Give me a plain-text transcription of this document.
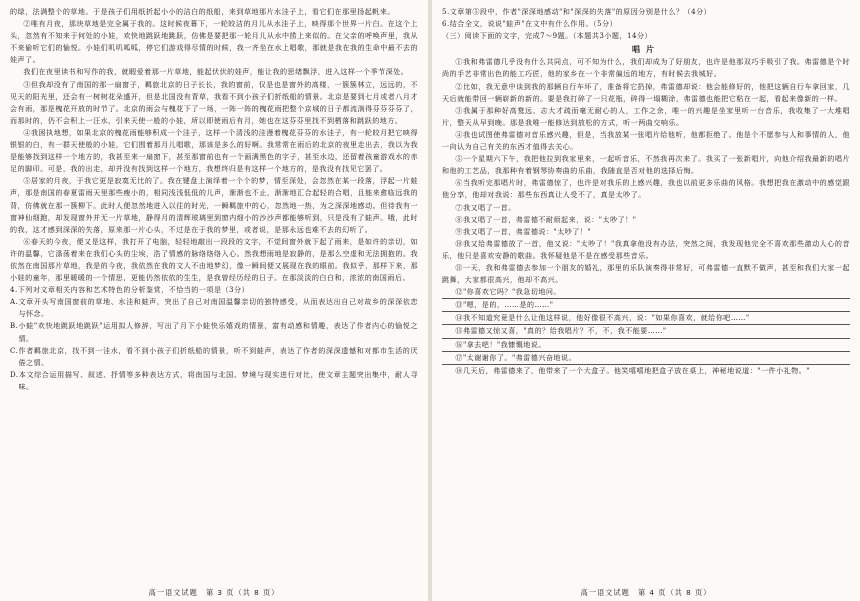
的绿，法满整个的草地。于是孩子们用纸折起小小的洁白的纸船，来到草地那片水洼子上，看它们在那里扬起帆来。

②唯有月夜，那块草地是完全属于我的。这时候夜幕下，一轮皎洁的月儿从水洼子上，映得那个世界一片白。在这个上头，忽然有不知来于何处的小娃，欢快地跳跃地跳跃，仿佛是要把那一轮月儿从水中捞上来似的。在父亲的呼唤声里，我从不来偷听它们的愉悦。小娃们叽叽呱呱，停它们游戏得尽情的时候，我一齐坐在水上唱歌，那就是我在我的生命中最不去的娃声了。

我们在夜里读书和写作的我，就暇爱着那一片草地，能起伏伏的娃声，能让我的思绪飘浮，进入这样一个季节深处。

③但我却没有了南国的那一扇窗子，羁旅北京的日子长长，我的窗前，仅是也是窗外的高楼，一簇簇林立，远远的，不见天的阳光里，还会有一树树花朵盛开，但是北国没有青草，我看不到小孩子们折纸船的情景。北京是要到七月或者八月才会有雨，那是槐花开放的时节了。北京的雨会与槐花下了一场，一阵一阵的槐花雨把整个京城的日子都流淌得芬芬芬芬了，而那时的，仍不会积上一汪水，引来天使一般的小娃，所以即使雨后有月，她也在这芬芬里找不到栖落和跳跃的地方。

④我困执地想，如果北京的槐花雨能够积成一个洼子，这样一个清浅的洼漫着槐花芬芬的水洼子，有一轮皎月把它映得银银的白，有一群天使般的小娃，它们围着那月儿唱歌，那该是多么的好啊。我常常在雨后的北京的夜里走出去，我以为我是能够找到这样一个地方的，我甚至来一扇窗下，甚至那窗前也有一个画满黑色的字子，甚至水边，还留着孩童游戏水的赤足的脚印。可是，我的出走，却并没有找到这样一个地方，我想终归是有这样一个地方的，是我没有找见它罢了。

⑤居家的月夜，于我它更是寂寞无比的了。我在键盘上演绎着一个个的梦，情至深处，会忽然在某一段落，浮起一片蛙声，那是南国的春夏雷雨天里那些瘦小的，相同浅浅低低的儿声，渐渐也不止，渐渐地汇合起轻的合唱，且能来愈临远我的背，仿佛就在那一簇柳下。此时人便忽然地进入以往的时光，一瞬羁旅中的心，忽然地一热，为之深深地感动。但待我有一窗神仙细跑，却发现窗外并无一片草地，静得月的清辉玻璃里到窗内细小的沙沙声都能够听到，只是没有了蛙声。哦，此时的我，这才感到深深的失落，原来那一片心头，不过是在于我的梦里，或者说，是那永远也难不去的幻听了。

⑥春天的今夜，便又是这样，我打开了电脑，轻轻地敲出一段段的文字，不觉间窗外就下起了雨来，是如许的亲切，如许的温馨，它涤荡着来在我们心头的尘埃，浩了情感的脉络络络入心。然我想雨地是寂静的，是那么空虚和无法拥抱的。我依然在南国那片草地，我是的今夜，我依然在我的文人不由地梦幻，像一瞬间便又展现在我的眼前。我似乎，那样下来，那小娃的童年，那里暖暖的一个情思，更能仍然依依的生生，是我曾经历经的日子。在那淡淡的白白和，浓浓的南国雨后。

4.下列对文章相关内容和艺术特色的分析鉴赏，不恰当的一项是（3分）

A.文章开头写南国窗前的草地、水洼和蛙声，突出了自己对南国温馨亲切的独特感受，从而表达出自己对故乡的深深依恋与怀念。

B.小蛙"欢快地跳跃地跳跃"运用拟人修辞，写出了月下小蛙快乐嬉戏的情景，富有动感和情趣，表达了作者内心的愉悦之情。

C.作者羁旅北京，找不到一洼水，看不到小孩子们折纸船的情景，听不到蛙声，表达了作者的深深遗憾和对都市生活的厌倦之情。

D.本文综合运用描写、叙述、抒情等多种表达方式，将南国与北国、梦境与现实进行对比，使文章主题突出集中，耐人寻味。

高一语文试题　第 3 页（共 8 页）

5.文章第⑤段中，作者"深深地感动"和"深深的失落"的原因分别是什么？（4分）

6.结合全文，说说"蛙声"在文中有什么作用。（5分）

（三）阅读下面的文字，完成7～9题。（本题共3小题，14分）

唱片

①我和弗雷德几乎没有什么共同点，可不知为什么，我们却成为了好朋友，也许是他那双巧手吸引了我。弗雷德是个时尚的手艺非常出色的能工巧匠，他的家乡在一个非常偏远的地方，有时候去我城好。

②比如，我无意中谈到我的那辆自行车坏了，准备将它扔掉，弗雷德却说：他会能修好的，他把这辆自行车拿回家，几天后就能带回一辆崭新的新的。要是我打碎了一只花瓶，碎得一塌糊涂，弗雷德也能把它粘在一起，看起来像新的一样。

③我属于那种好高鹜远、志大才疏而毫无耐心的人，工作之余，唯一的兴趣是坐家里听一台音乐，我收集了一大堆唱片，整天从早到晚。那是我唯一能修达到放松的方式，听一两曲交响乐。

④我也试图使弗雷德对音乐感兴趣，但是，当我放某一张唱片给他听，他都拒绝了。他是个不愿参与人和事情的人，他一向认为自己有关的东西才值得去关心。

⑤一个星期六下午，我把他拉到我家里来，一起听音乐，不然我再次来了。我买了一张新唱片，向他介绍我最新的唱片和他的工艺品，我那种有着钢琴协奏曲的乐曲，我随直是否对他的选择后悔。

⑥当我听完那唱片时，弗雷德惊了，也许是对我乐的上感兴趣，我也以前更多乐曲的风格。我想把我在激动中的感觉跟他分享，他却对我说：那些东西真让人受不了，真是太吵了。

⑦我又唱了一首。

⑧我又唱了一首，弗雷德不耐烦起来，说："太吵了！"

⑨我又唱了一首，弗雷德说："太吵了！"

⑩我又给弗雷德放了一首，他又说："太吵了！"我真拿他没有办法，突然之间，我发现他完全不喜欢那些激动人心的音乐，他只是喜欢安静的歌曲。我怀疑他是不是在感受那些音乐。

⑪一天，我和弗雷德去参加一个朋友的婚礼，那里的乐队演奏得非常好，可弗雷德一直默不做声，甚至和我们大家一起跳舞，大家都很高兴，他却不高兴。

⑫"你喜欢它吗？"我急切地问。

⑬"嗯，是的，……是的……"

⑭我不知道究竟是什么让他这样说，他好像很不高兴，说："如果你喜欢，就给你吧……"

⑮弗雷德又惊又喜，"真的？给我唱片？不，不，我不能要……"

⑯"拿去吧！"我慷慨地说。

⑰"太谢谢你了。"弗雷德兴奋地说。

⑱几天后，弗雷德来了，他带来了一个大盒子。他笑嘻嘻地把盒子放在桌上，神秘地说道："一件小礼物。"

高一语文试题　第 4 页（共 8 页）
